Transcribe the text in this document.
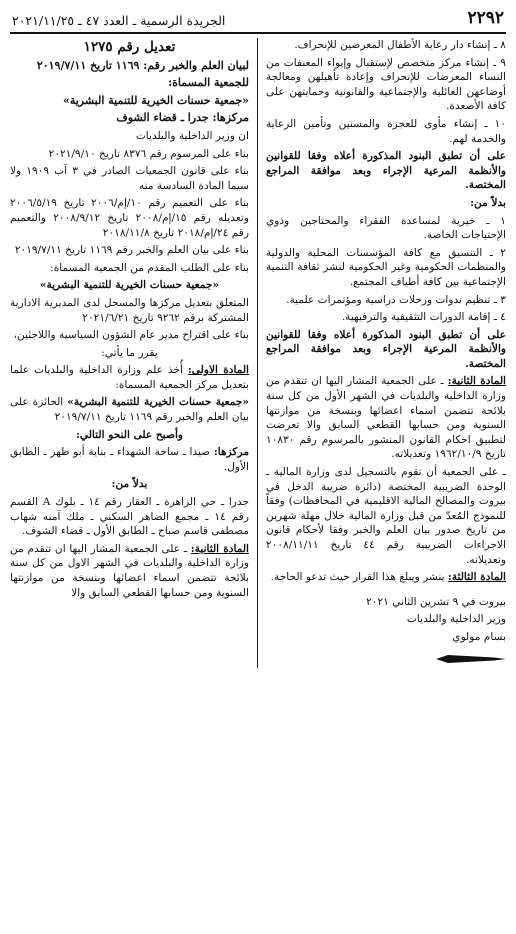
٢٢٩٢
الجريدة الرسمية ـ العدد ٤٧ ـ ٢٠٢١/١١/٢٥

٨ ـ إنشاء دار رعاية الأطفال المعرضين للإنحراف.

٩ ـ إنشاء مركز متخصص لإستقبال وإيواء المعنفات من النساء المعرضات للإنحراف وإعادة تأهيلهن ومعالجة أوضاعهن العائلية والإجتماعية والقانونية وحمايتهن على كافة الأصعدة.

١٠ ـ إنشاء مأوى للعجزة والمسنين وتأمين الرعاية والخدمة لهم.

على أن تطبق البنود المذكورة أعلاه وفقا للقوانين والأنظمة المرعية الإجراء وبعد موافقة المراجع المختصة.

بدلاً من:

١ ـ خيرية لمساعدة الفقراء والمحتاجين وذوي الإحتياجات الخاصة.

٢ ـ التنسيق مع كافة المؤسسات المحلية والدولية والمنظمات الحكومية وغير الحكومية لنشر ثقافة التنمية الإجتماعية بين كافة أطياف المجتمع.

٣ ـ تنظيم ندوات ورحلات دراسية ومؤتمرات علمية.

٤ ـ إقامة الدورات التثقيفية والترفيهية.

على أن تطبق البنود المذكورة أعلاه وفقا للقوانين والأنظمة المرعية الإجراء وبعد موافقة المراجع المختصة.

المادة الثانية: ـ على الجمعية المشار اليها ان تتقدم من وزارة الداخلية والبلديات في الشهر الأول من كل سنة بلائحة تتضمن اسماء اعضائها وبنسخة من موازنتها السنوية ومن حسابها القطعي السابق والا تعرضت لتطبيق احكام القانون المنشور بالمرسوم رقم ١٠٨٣٠ تاريخ ١٩٦٢/١٠/٩ وتعديلاته.

ـ على الجمعية أن تقوم بالتسجيل لدى وزارة المالية ـ الوحدة الضريبية المختصة (دائرة ضريبة الدخل في بيروت والمصالح المالية الاقليمية في المحافظات) وفقاً للنموذج المُعدّ من قبل وزارة المالية خلال مهلة شهرين من تاريخ صدور بيان العلم والخبر وفقا لأحكام قانون الاجراءات الضريبية رقم ٤٤ تاريخ ٢٠٠٨/١١/١١ وتعديلاته.

المادة الثالثة: ينشر ويبلغ هذا القرار حيث تدعو الحاجة.

بيروت في ٩ تشرين الثاني ٢٠٢١

وزير الداخلية والبلديات

بسام مولوي

تعديل رقم ١٢٧٥

لبيان العلم والخبر رقم: ١١٦٩ تاريخ ٢٠١٩/٧/١١

للجمعية المسماة:

«جمعية حسنات الخيرية للتنمية البشرية»

مركزها: جدرا ـ قضاء الشوف

ان وزير الداخلية والبلديات

بناء على المرسوم رقم ٨٣٧٦ تاريخ ٢٠٢١/٩/١٠

بناء على قانون الجمعيات الصادر في ٣ آب ١٩٠٩ ولا سيما المادة السادسة منه

بناء على التعميم رقم ١٠/إم/٢٠٠٦ تاريخ ٢٠٠٦/٥/١٩ وتعديله رقم ١٥/إم/٢٠٠٨ تاريخ ٢٠٠٨/٩/١٢ والتعميم رقم ٢٤/إم/٢٠١٨ تاريخ ٢٠١٨/١١/٨

بناء على بيان العلم والخبر رقم ١١٦٩ تاريخ ٢٠١٩/٧/١١

بناء على الطلب المقدم من الجمعية المسماة:

«جمعية حسنات الخيرية للتنمية البشرية»

المتعلق بتعديل مركزها والمسجل لدى المديرية الادارية المشتركة برقم ٩٢٦٢ تاريخ ٢٠٢١/٦/٢١

بناء على اقتراح مدير عام الشؤون السياسية واللاجئين،

يقرر ما يأتي:

المادة الاولى: أُخذ علم وزارة الداخلية والبلديات علما بتعديل مركز الجمعية المسماة:

«جمعية حسنات الخيرية للتنمية البشرية» الحائزة على بيان العلم والخبر رقم ١١٦٩ تاريخ ٢٠١٩/٧/١١

وأصبح على النحو التالي:

مركزها: صيدا ـ ساحة الشهداء ـ بناية أبو ظهر ـ الطابق الأول.

بدلاً من:

جدرا ـ حي الزاهرة ـ العقار رقم ١٤ ـ بلوك A القسم رقم ١٤ ـ مجمع الضاهر السكني ـ ملك آمنه شهاب مصطفى قاسم صباح ـ الطابق الأول ـ قضاء الشوف.

المادة الثانية: ـ على الجمعية المشار اليها ان تتقدم من وزارة الداخلية والبلديات في الشهر الاول من كل سنة بلائحة تتضمن اسماء اعضائها وبنسخة من موازنتها السنوية ومن حسابها القطعي السابق والا
